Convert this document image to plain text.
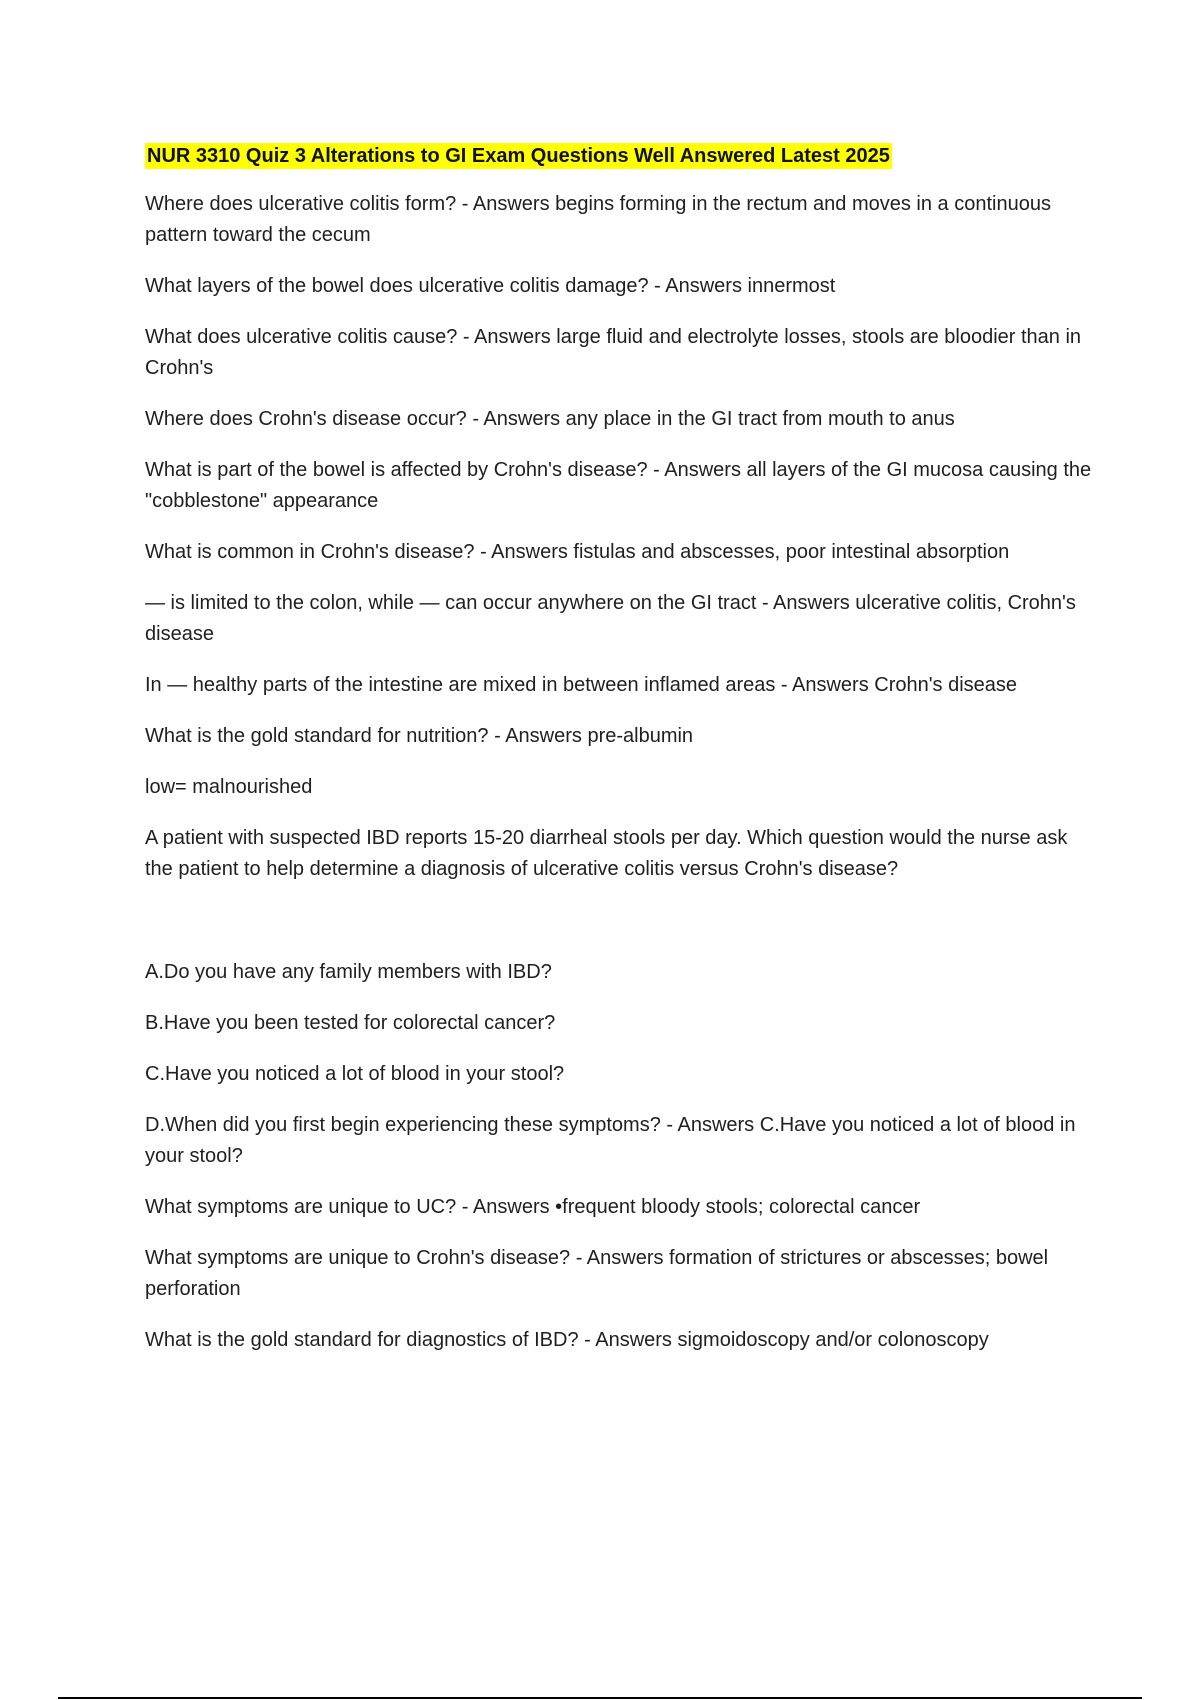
NUR 3310 Quiz 3 Alterations to GI Exam Questions Well Answered Latest 2025

Where does ulcerative colitis form? - Answers begins forming in the rectum and moves in a continuous pattern toward the cecum

What layers of the bowel does ulcerative colitis damage? - Answers innermost

What does ulcerative colitis cause? - Answers large fluid and electrolyte losses, stools are bloodier than in Crohn's

Where does Crohn's disease occur? - Answers any place in the GI tract from mouth to anus

What is part of the bowel is affected by Crohn's disease? - Answers all layers of the GI mucosa causing the "cobblestone" appearance

What is common in Crohn's disease? - Answers fistulas and abscesses, poor intestinal absorption

— is limited to the colon, while — can occur anywhere on the GI tract - Answers ulcerative colitis, Crohn's disease

In — healthy parts of the intestine are mixed in between inflamed areas - Answers Crohn's disease

What is the gold standard for nutrition? - Answers pre-albumin

low= malnourished

A patient with suspected IBD reports 15-20 diarrheal stools per day. Which question would the nurse ask the patient to help determine a diagnosis of ulcerative colitis versus Crohn's disease?

A.Do you have any family members with IBD?

B.Have you been tested for colorectal cancer?

C.Have you noticed a lot of blood in your stool?

D.When did you first begin experiencing these symptoms? - Answers C.Have you noticed a lot of blood in your stool?

What symptoms are unique to UC? - Answers •frequent bloody stools; colorectal cancer

What symptoms are unique to Crohn's disease? - Answers formation of strictures or abscesses; bowel perforation

What is the gold standard for diagnostics of IBD? - Answers sigmoidoscopy and/or colonoscopy
